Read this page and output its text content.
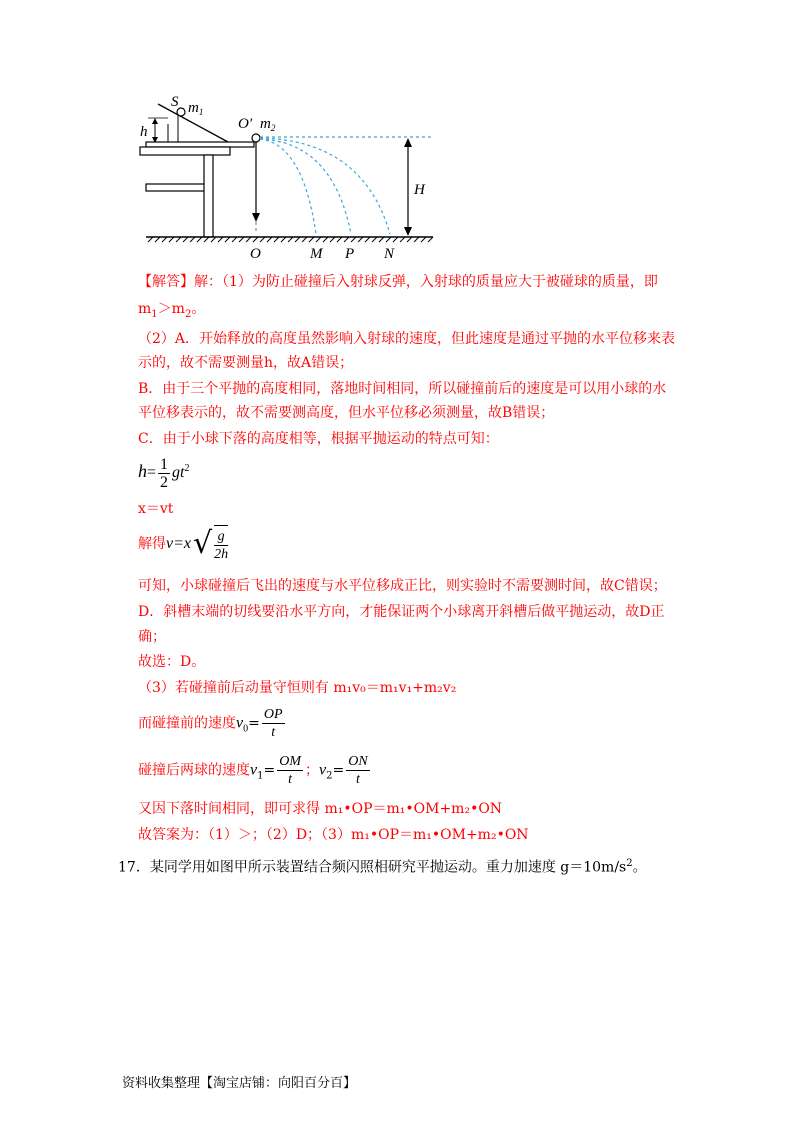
S $m_1$
h	O′ $m_2$
H
O	M P N
【解答】解：（1）为防止碰撞后入射球反弹，入射球的质量应大于被碰球的质量，即
$m_1>m_2$。
（2）A．开始释放的高度虽然影响入射球的速度，但此速度是通过平抛的水平位移来表
示的，故不需要测量h，故A错误；
B．由于三个平抛的高度相同，落地时间相同，所以碰撞前后的速度是可以用小球的水
平位移表示的，故不需要测高度，但水平位移必须测量，故B错误；
C．由于小球下落的高度相等，根据平抛运动的特点可知：
$h= \frac{1}{2} gt^2$
x＝vt
解得$v=x√ \frac{g}{2h}$
可知，小球碰撞后飞出的速度与水平位移成正比，则实验时不需要测时间，故C错误；
D．斜槽末端的切线要沿水平方向，才能保证两个小球离开斜槽后做平抛运动，故D正
确；
故选：D。
（3）若碰撞前后动量守恒则有 m₁v₀＝m₁v₁+m₂v₂
而碰撞前的速度$v_0= \frac{OP}{t}$
碰撞后两球的速度$v_1= \frac{OM}{t}$ ；$v_2= \frac{ON}{t}$
又因下落时间相同，即可求得 m₁•OP＝m₁•OM+m₂•ON
故答案为：（1）＞；（2）D；（3）m₁•OP＝m₁•OM+m₂•ON
17．某同学用如图甲所示装置结合频闪照相研究平抛运动。重力加速度 $g=10m/s^2$。
资料收集整理【淘宝店铺：向阳百分百】
